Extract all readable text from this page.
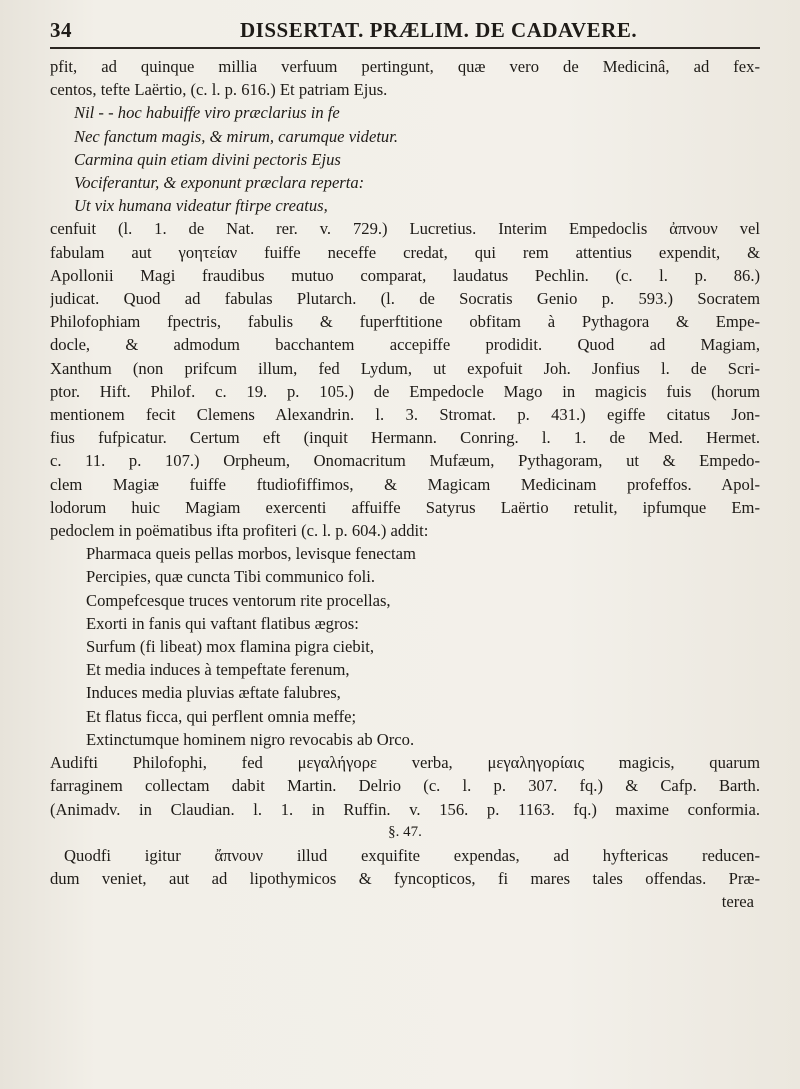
34	DISSERTAT. PRÆLIM. DE CADAVERE.
pfit, ad quinque millia verfuum pertingunt, quæ vero de Medicinâ, ad fex-
centos, tefte Laërtio, (c. l. p. 616.) Et patriam Ejus.
Nil - - hoc habuiffe viro præclarius in fe
Nec fanctum magis, & mirum, carumque videtur.
Carmina quin etiam divini pectoris Ejus
Vociferantur, & exponunt præclara reperta:
Ut vix humana videatur ftirpe creatus,
cenfuit (l. 1. de Nat. rer. v. 729.) Lucretius. Interim Empedoclis ἀπνουν vel
fabulam aut γοητείαν fuiffe neceffe credat, qui rem attentius expendit, &
Apollonii Magi fraudibus mutuo comparat, laudatus Pechlin. (c. l. p. 86.)
judicat. Quod ad fabulas Plutarch. (l. de Socratis Genio p. 593.) Socratem
Philofophiam fpectris, fabulis & fuperftitione obfitam à Pythagora & Empe-
docle, & admodum bacchantem accepiffe prodidit. Quod ad Magiam,
Xanthum (non prifcum illum, fed Lydum, ut expofuit Joh. Jonfius l. de Scri-
ptor. Hift. Philof. c. 19. p. 105.) de Empedocle Mago in magicis fuis (horum
mentionem fecit Clemens Alexandrin. l. 3. Stromat. p. 431.) egiffe citatus Jon-
fius fufpicatur. Certum eft (inquit Hermann. Conring. l. 1. de Med. Hermet.
c. 11. p. 107.) Orpheum, Onomacritum Mufæum, Pythagoram, ut & Empedo-
clem Magiæ fuiffe ftudiofiffimos, & Magicam Medicinam profeffos. Apol-
lodorum huic Magiam exercenti affuiffe Satyrus Laërtio retulit, ipfumque Em-
pedoclem in poëmatibus ifta profiteri (c. l. p. 604.) addit:
Pharmaca queis pellas morbos, levisque fenectam
Percipies, quæ cuncta Tibi communico foli.
Compefcesque truces ventorum rite procellas,
Exorti in fanis qui vaftant flatibus ægros:
Surfum (fi libeat) mox flamina pigra ciebit,
Et media induces à tempeftate ferenum,
Induces media pluvias æftate falubres,
Et flatus ficca, qui perflent omnia meffe;
Extinctumque hominem nigro revocabis ab Orco.
Audifti Philofophi, fed μεγαλήγορε verba, μεγαληγορίαις magicis, quarum
farraginem collectam dabit Martin. Delrio (c. l. p. 307. fq.) & Cafp. Barth.
(Animadv. in Claudian. l. 1. in Ruffin. v. 156. p. 1163. fq.) maxime conformia.
§. 47.
Quodfi igitur ἄπνουν illud exquifite expendas, ad hyftericas reducen-
dum veniet, aut ad lipothymicos & fyncopticos, fi mares tales offendas. Præ-
terea
